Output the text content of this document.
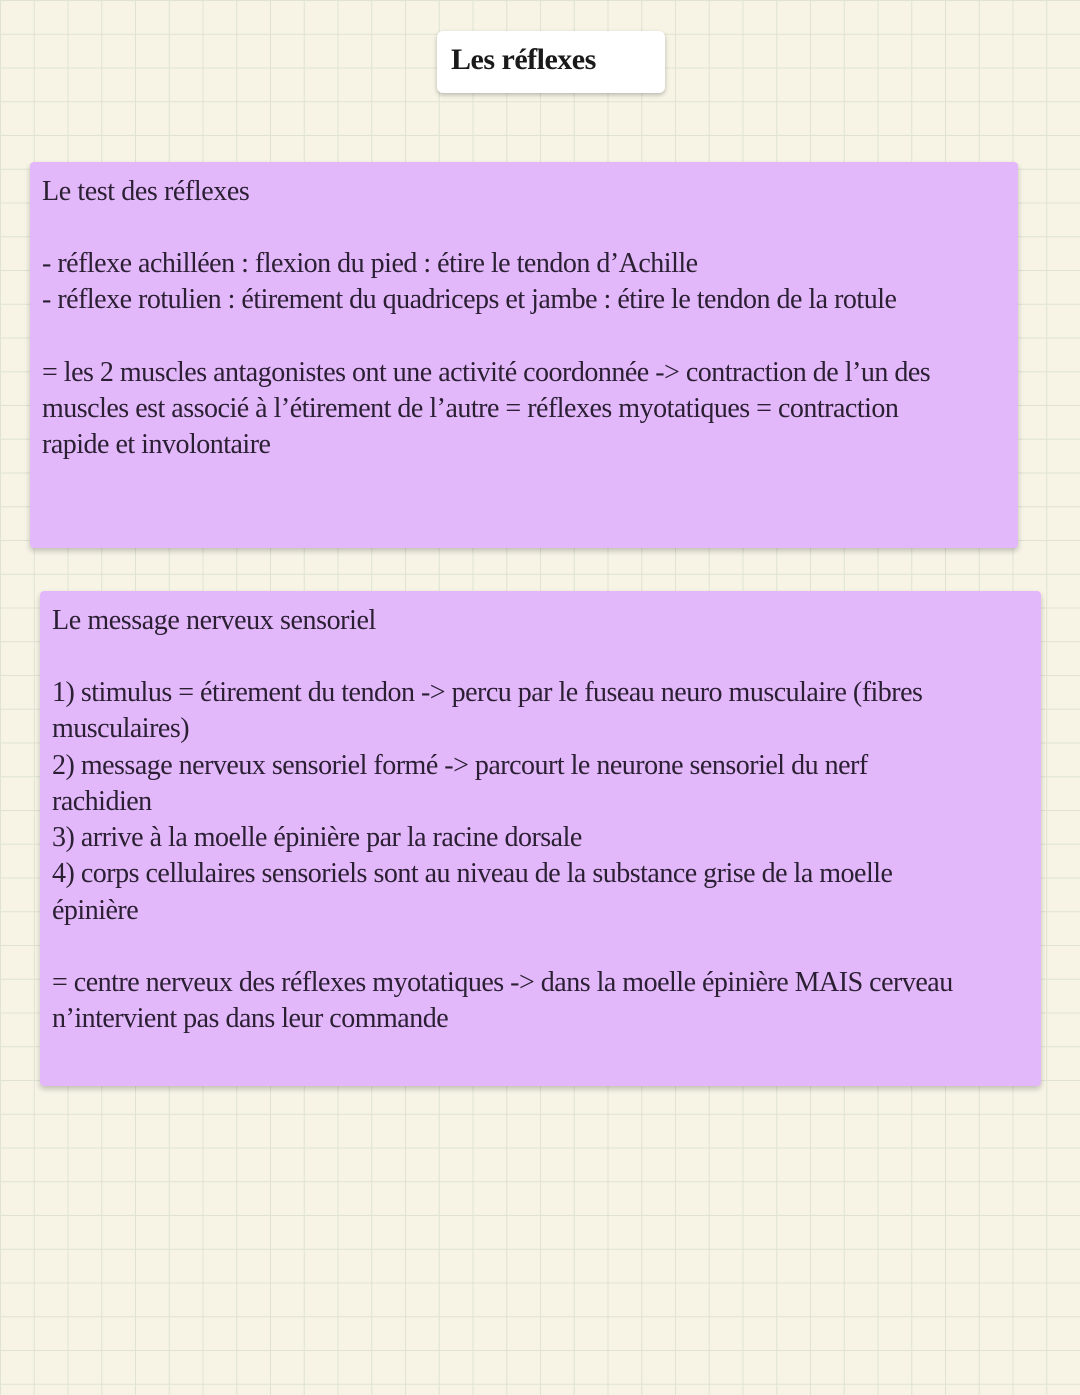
Les réflexes

Le test des réflexes

- réflexe achilléen : flexion du pied : étire le tendon d’Achille

- réflexe rotulien : étirement du quadriceps et jambe : étire le tendon de la rotule

= les 2 muscles antagonistes ont une activité coordonnée -> contraction de l’un des

muscles est associé à l’étirement de l’autre = réflexes myotatiques = contraction

rapide et involontaire

Le message nerveux sensoriel

1) stimulus = étirement du tendon -> percu par le fuseau neuro musculaire (fibres

musculaires)

2) message nerveux sensoriel formé -> parcourt le neurone sensoriel du nerf

rachidien

3) arrive à la moelle épinière par la racine dorsale

4) corps cellulaires sensoriels sont au niveau de la substance grise de la moelle

épinière

= centre nerveux des réflexes myotatiques -> dans la moelle épinière MAIS cerveau

n’intervient pas dans leur commande
